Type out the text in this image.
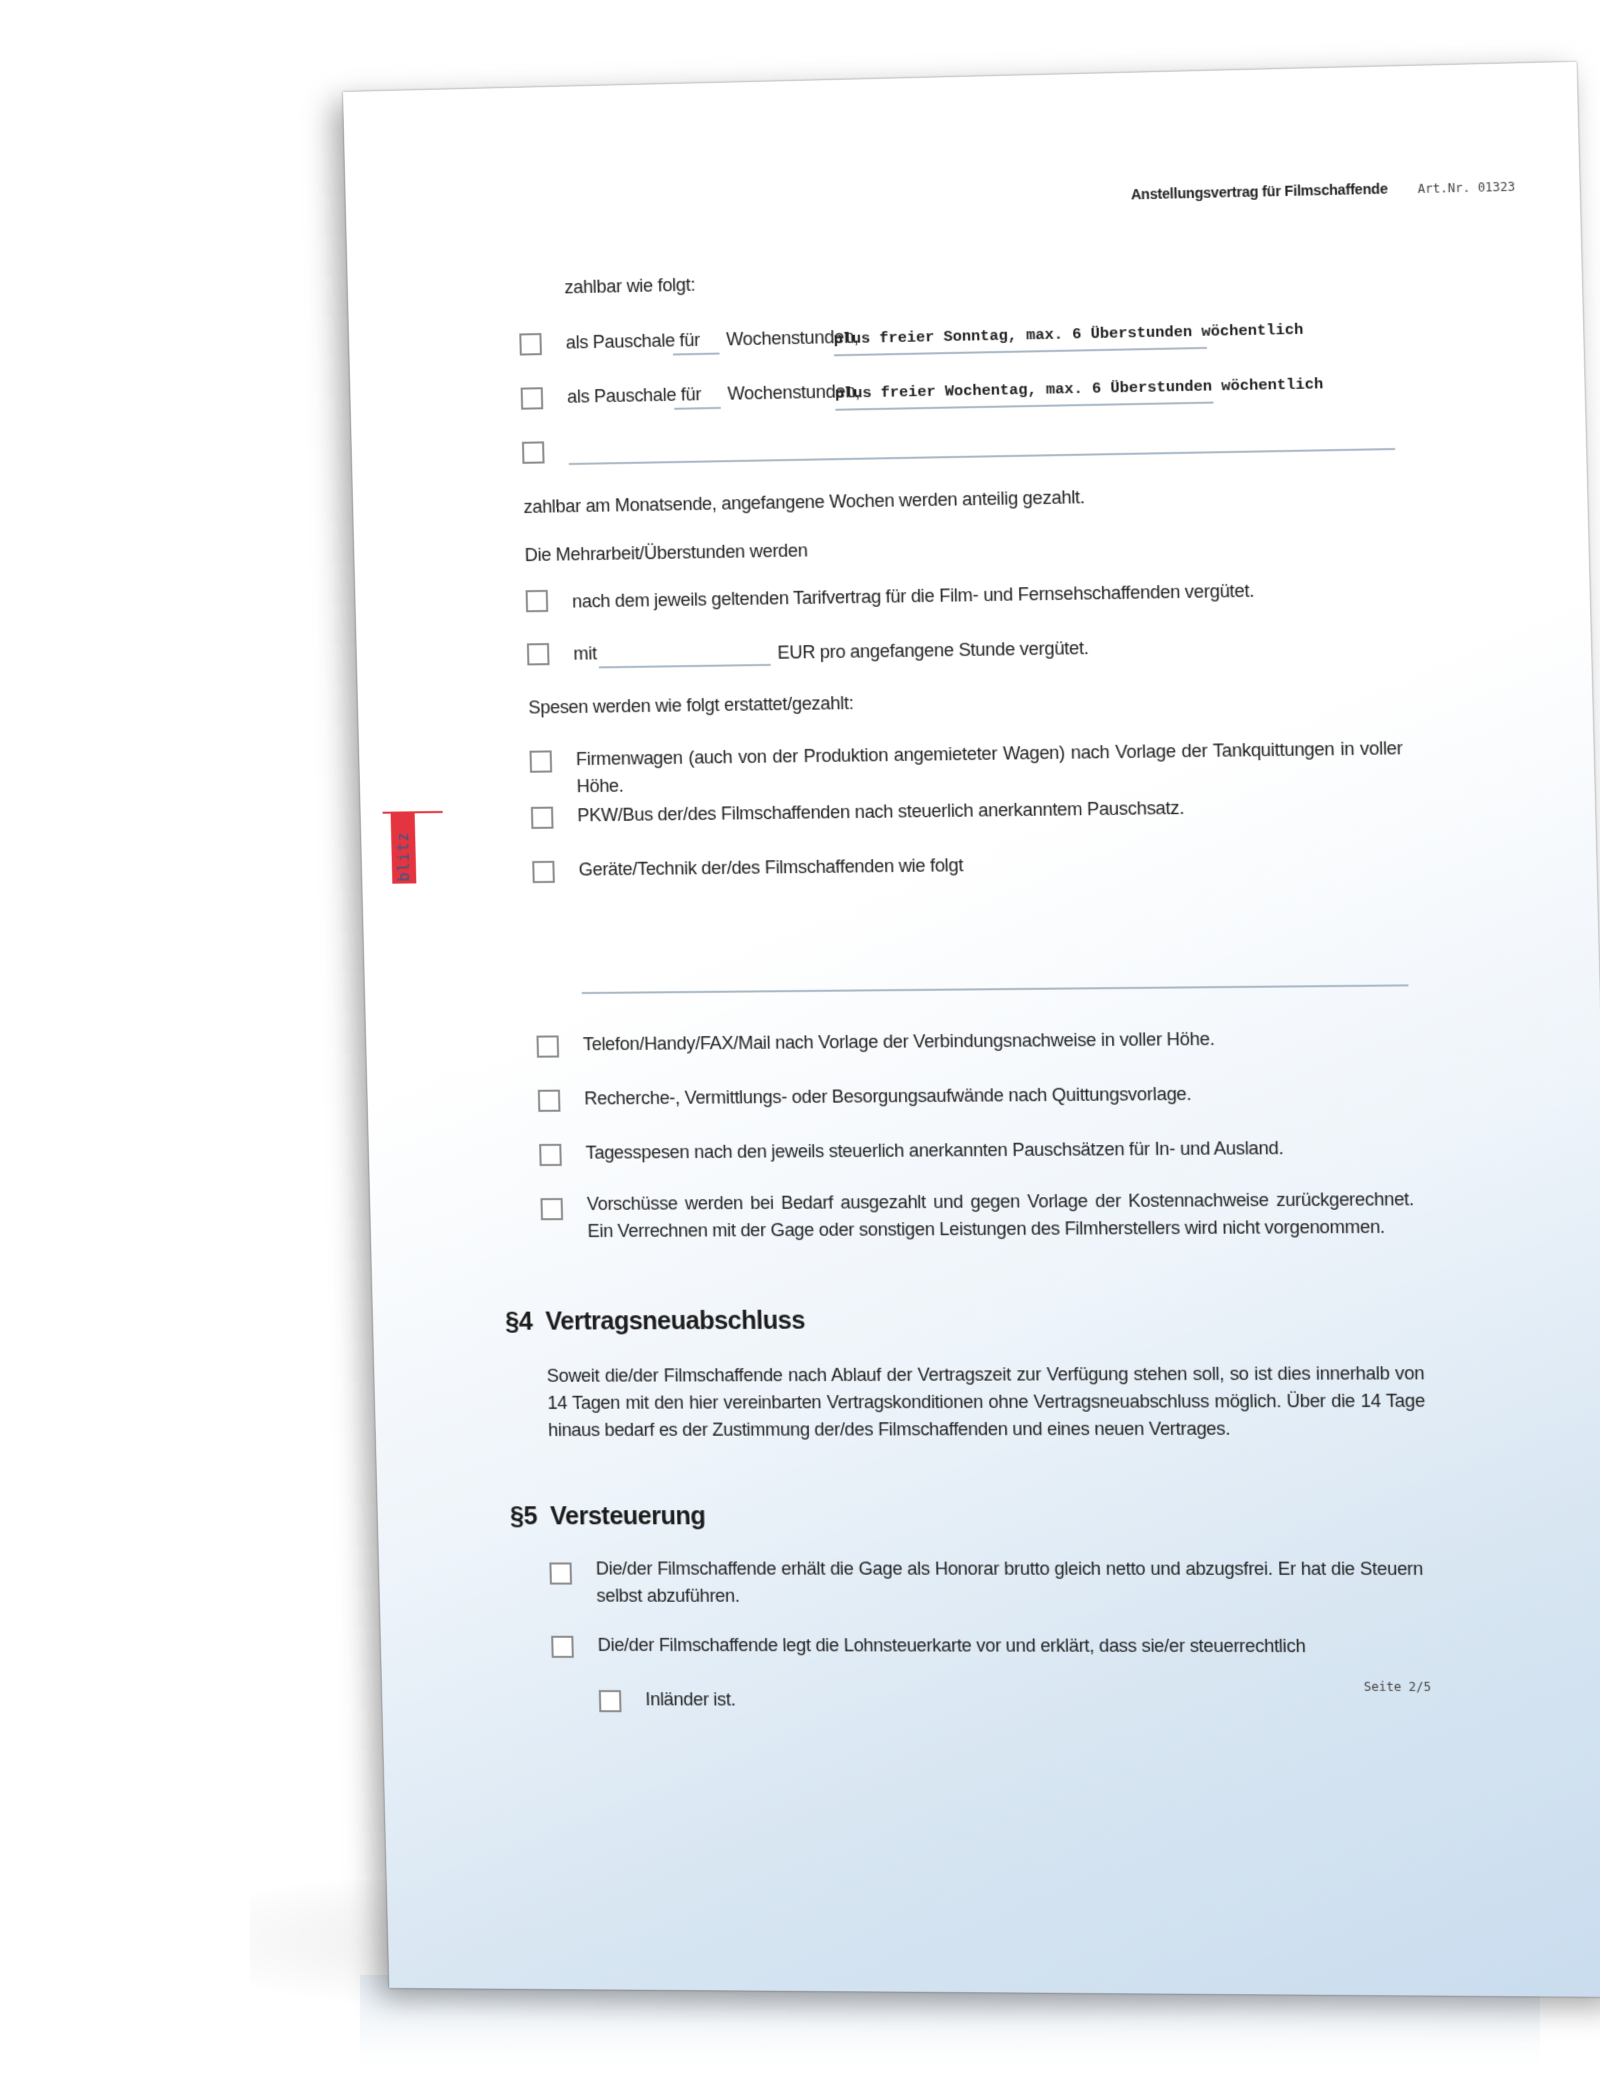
Anstellungsvertrag für Filmschaffende Art.Nr. 01323
FORMblitz
zahlbar wie folgt:
als Pauschale für Wochenstunden,
plus freier Sonntag, max. 6 Überstunden wöchentlich
als Pauschale für Wochenstunden,
plus freier Wochentag, max. 6 Überstunden wöchentlich
zahlbar am Monatsende, angefangene Wochen werden anteilig gezahlt.
Die Mehrarbeit/Überstunden werden
nach dem jeweils geltenden Tarifvertrag für die Film- und Fernsehschaffenden vergütet.
mit	EUR pro angefangene Stunde vergütet.
Spesen werden wie folgt erstattet/gezahlt:
Firmenwagen (auch von der Produktion angemieteter Wagen) nach Vorlage der Tankquittungen in voller Höhe.
PKW/Bus der/des Filmschaffenden nach steuerlich anerkanntem Pauschsatz.
Geräte/Technik der/des Filmschaffenden wie folgt
Telefon/Handy/FAX/Mail nach Vorlage der Verbindungsnachweise in voller Höhe.
Recherche-, Vermittlungs- oder Besorgungsaufwände nach Quittungsvorlage.
Tagesspesen nach den jeweils steuerlich anerkannten Pauschsätzen für In- und Ausland.
Vorschüsse werden bei Bedarf ausgezahlt und gegen Vorlage der Kostennachweise zurückgerechnet. Ein Verrechnen mit der Gage oder sonstigen Leistungen des Filmherstellers wird nicht vorgenommen.
§4 Vertragsneuabschluss
Soweit die/der Filmschaffende nach Ablauf der Vertragszeit zur Verfügung stehen soll, so ist dies innerhalb von 14 Tagen mit den hier vereinbarten Vertragskonditionen ohne Vertragsneuabschluss möglich. Über die 14 Tage hinaus bedarf es der Zustimmung der/des Filmschaffenden und eines neuen Vertrages.
§5 Versteuerung
Die/der Filmschaffende erhält die Gage als Honorar brutto gleich netto und abzugsfrei. Er hat die Steuern selbst abzuführen.
Die/der Filmschaffende legt die Lohnsteuerkarte vor und erklärt, dass sie/er steuerrechtlich
Inländer ist.
Seite 2/5
